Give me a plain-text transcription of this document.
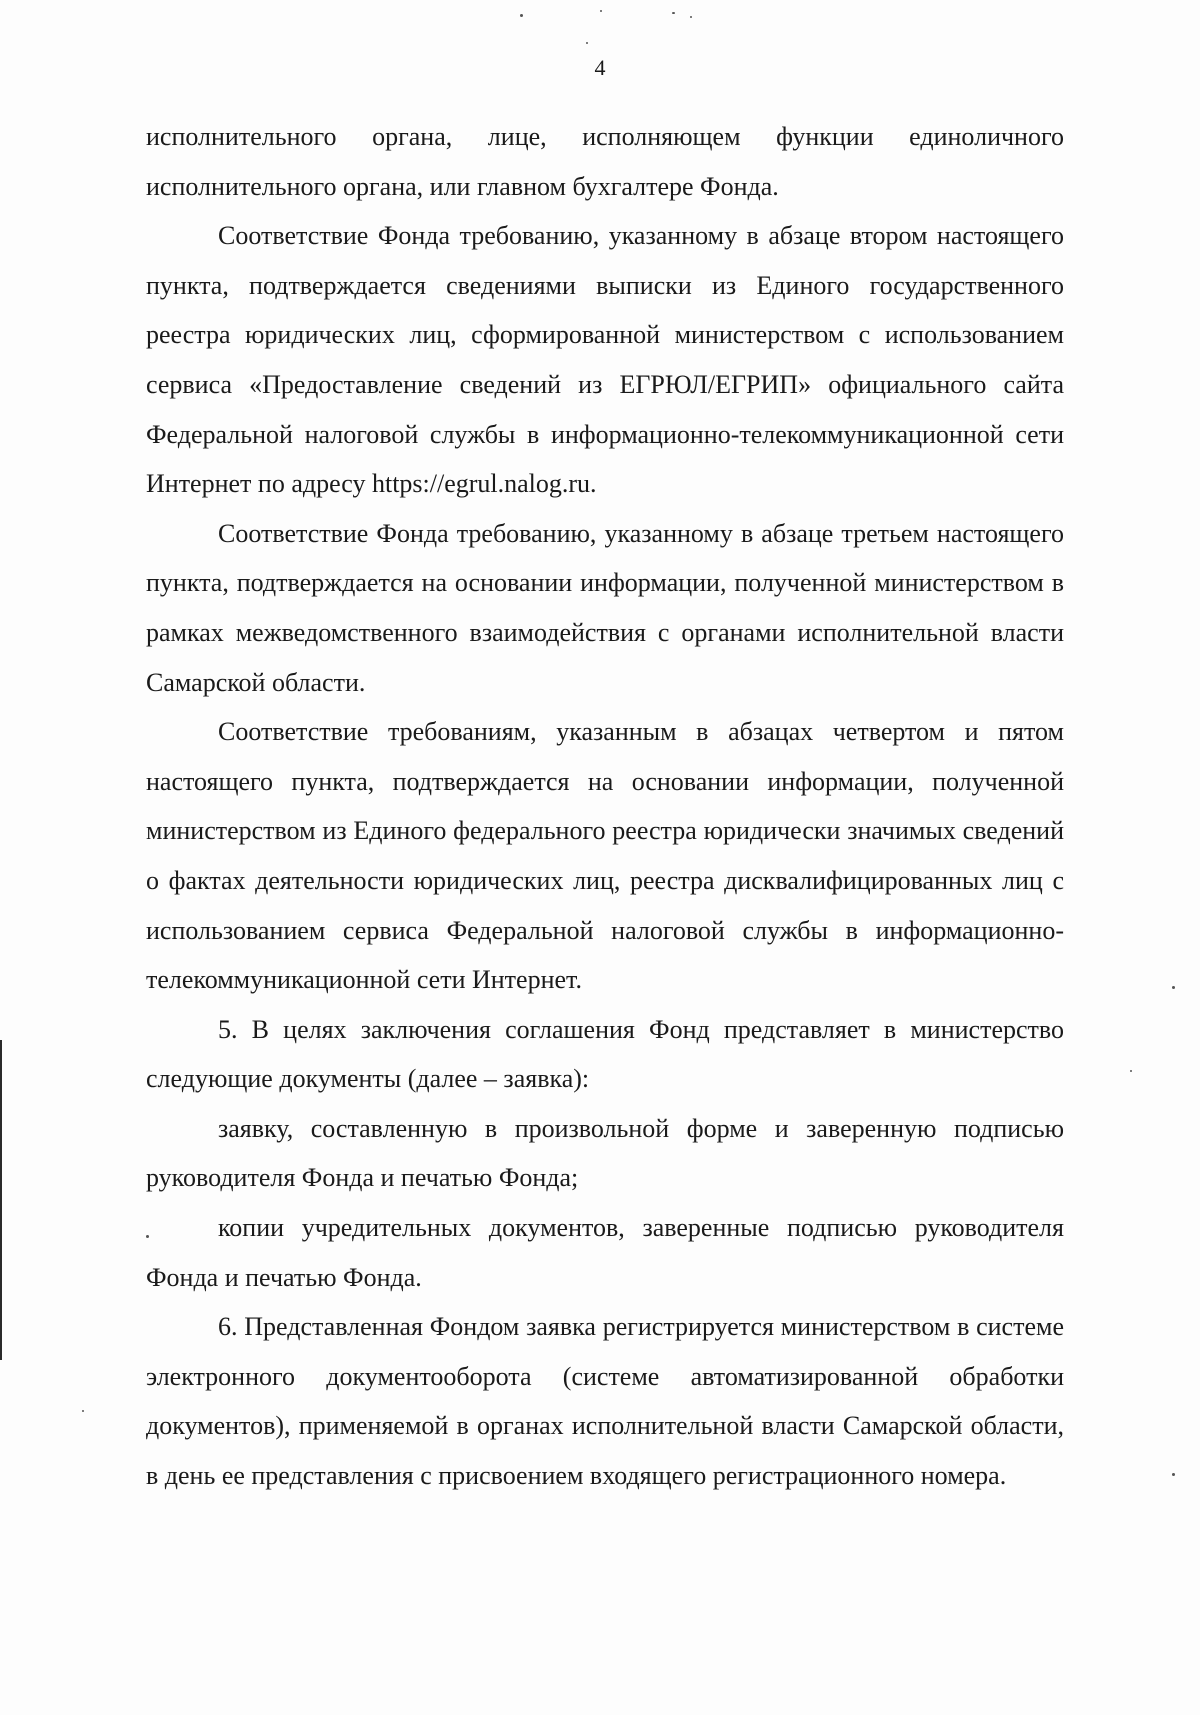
4

исполнительного органа, лице, исполняющем функции единоличного исполнительного органа, или главном бухгалтере Фонда.

Соответствие Фонда требованию, указанному в абзаце втором настоящего пункта, подтверждается сведениями выписки из Единого государственного реестра юридических лиц, сформированной министерством с использованием сервиса «Предоставление сведений из ЕГРЮЛ/ЕГРИП» официального сайта Федеральной налоговой службы в информационно-телекоммуникационной сети Интернет по адресу https://egrul.nalog.ru.

Соответствие Фонда требованию, указанному в абзаце третьем настоящего пункта, подтверждается на основании информации, полученной министерством в рамках межведомственного взаимодействия с органами исполнительной власти Самарской области.

Соответствие требованиям, указанным в абзацах четвертом и пятом настоящего пункта, подтверждается на основании информации, полученной министерством из Единого федерального реестра юридически значимых сведений о фактах деятельности юридических лиц, реестра дисквалифицированных лиц с использованием сервиса Федеральной налоговой службы в информационно-телекоммуникационной сети Интернет.

5. В целях заключения соглашения Фонд представляет в министерство следующие документы (далее – заявка):

заявку, составленную в произвольной форме и заверенную подписью руководителя Фонда и печатью Фонда;

копии учредительных документов, заверенные подписью руководителя Фонда и печатью Фонда.

6. Представленная Фондом заявка регистрируется министерством в системе электронного документооборота (системе автоматизированной обработки документов), применяемой в органах исполнительной власти Самарской области, в день ее представления с присвоением входящего регистрационного номера.
